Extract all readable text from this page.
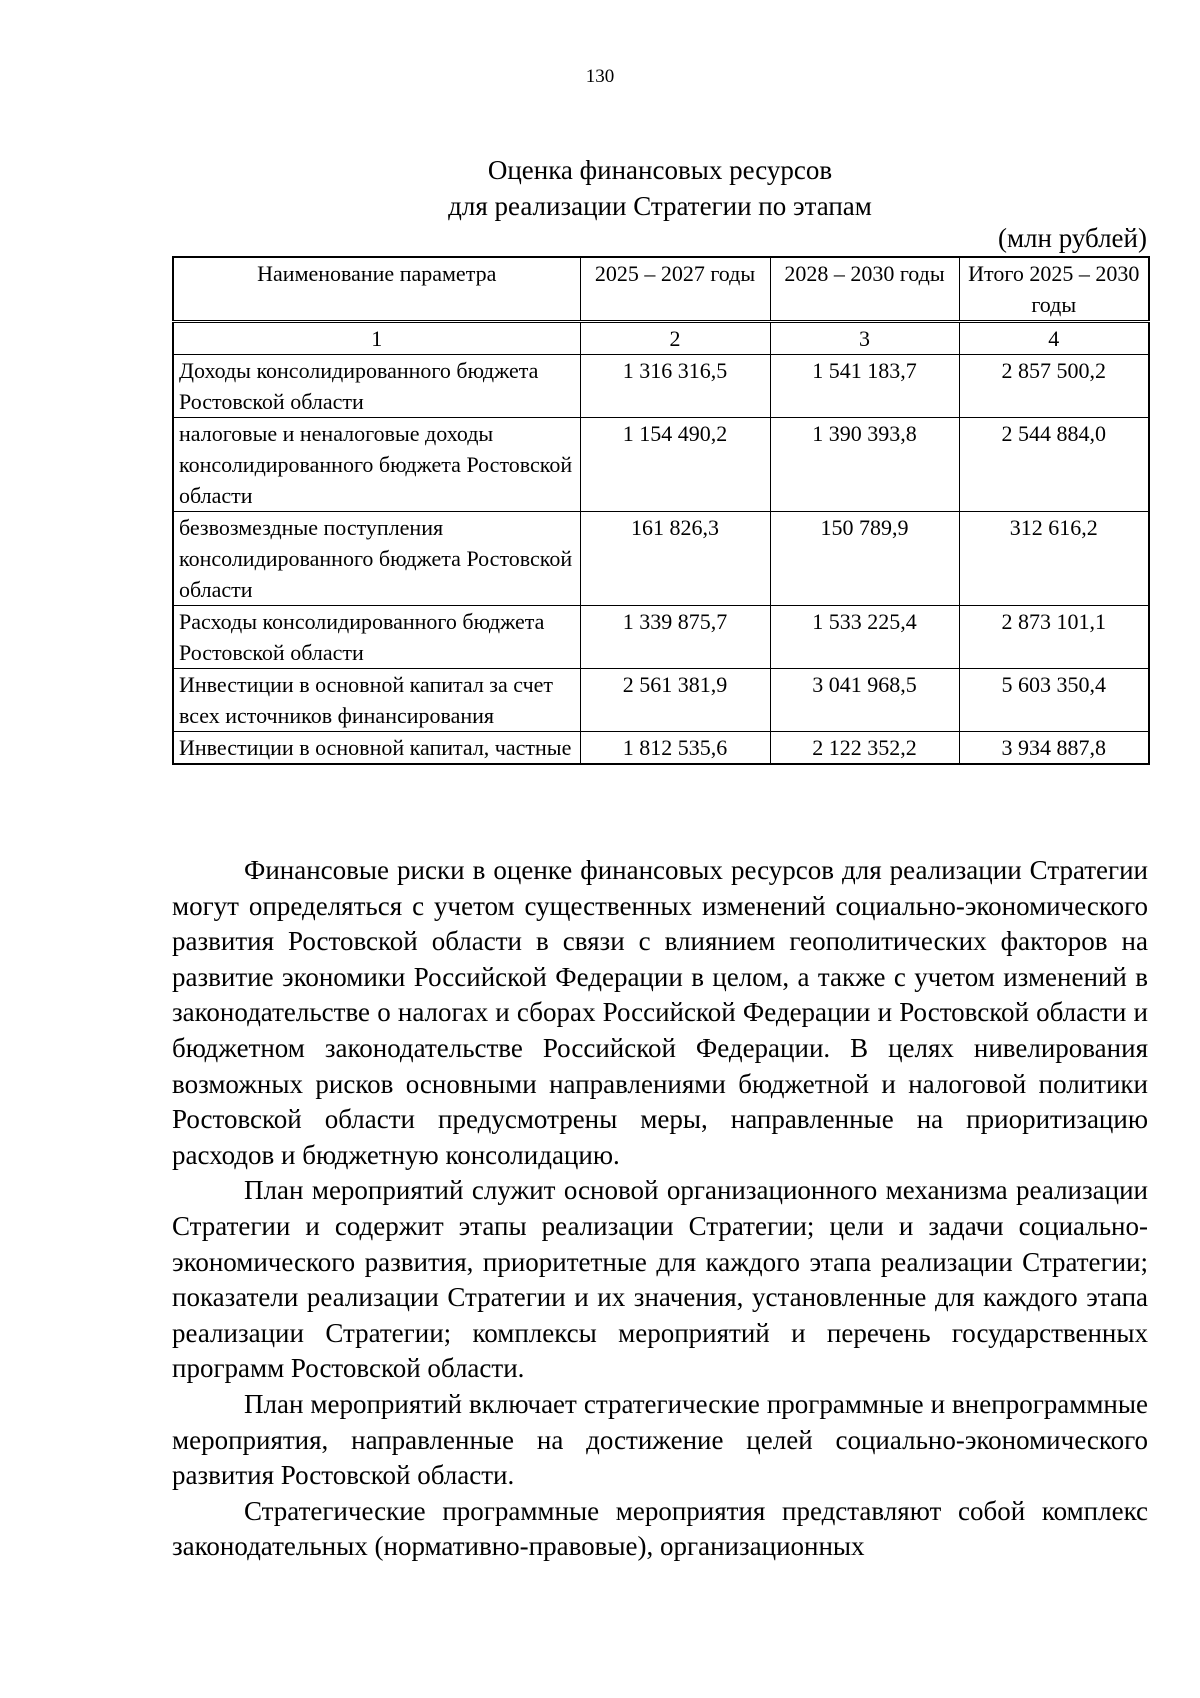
130
Оценка финансовых ресурсов
для реализации Стратегии по этапам
(млн рублей)
Наименование параметра	2025 – 2027 годы	2028 – 2030 годы	Итого 2025 – 2030 годы
1	2	3	4
Доходы консолидированного бюджета Ростовской области	1 316 316,5	1 541 183,7	2 857 500,2
налоговые и неналоговые доходы консолидированного бюджета Ростовской области	1 154 490,2	1 390 393,8	2 544 884,0
безвозмездные поступления консолидированного бюджета Ростовской области	161 826,3	150 789,9	312 616,2
Расходы консолидированного бюджета Ростовской области	1 339 875,7	1 533 225,4	2 873 101,1
Инвестиции в основной капитал за счет всех источников финансирования	2 561 381,9	3 041 968,5	5 603 350,4
Инвестиции в основной капитал, частные	1 812 535,6	2 122 352,2	3 934 887,8

Финансовые риски в оценке финансовых ресурсов для реализации Стратегии могут определяться с учетом существенных изменений социально-экономического развития Ростовской области в связи с влиянием геополитических факторов на развитие экономики Российской Федерации в целом, а также с учетом изменений в законодательстве о налогах и сборах Российской Федерации и Ростовской области и бюджетном законодательстве Российской Федерации. В целях нивелирования возможных рисков основными направлениями бюджетной и налоговой политики Ростовской области предусмотрены меры, направленные на приоритизацию расходов и бюджетную консолидацию.

План мероприятий служит основой организационного механизма реализации Стратегии и содержит этапы реализации Стратегии; цели и задачи социально-экономического развития, приоритетные для каждого этапа реализации Стратегии; показатели реализации Стратегии и их значения, установленные для каждого этапа реализации Стратегии; комплексы мероприятий и перечень государственных программ Ростовской области.

План мероприятий включает стратегические программные и внепрограммные мероприятия, направленные на достижение целей социально-экономического развития Ростовской области.

Стратегические программные мероприятия представляют собой комплекс законодательных (нормативно-правовые), организационных
